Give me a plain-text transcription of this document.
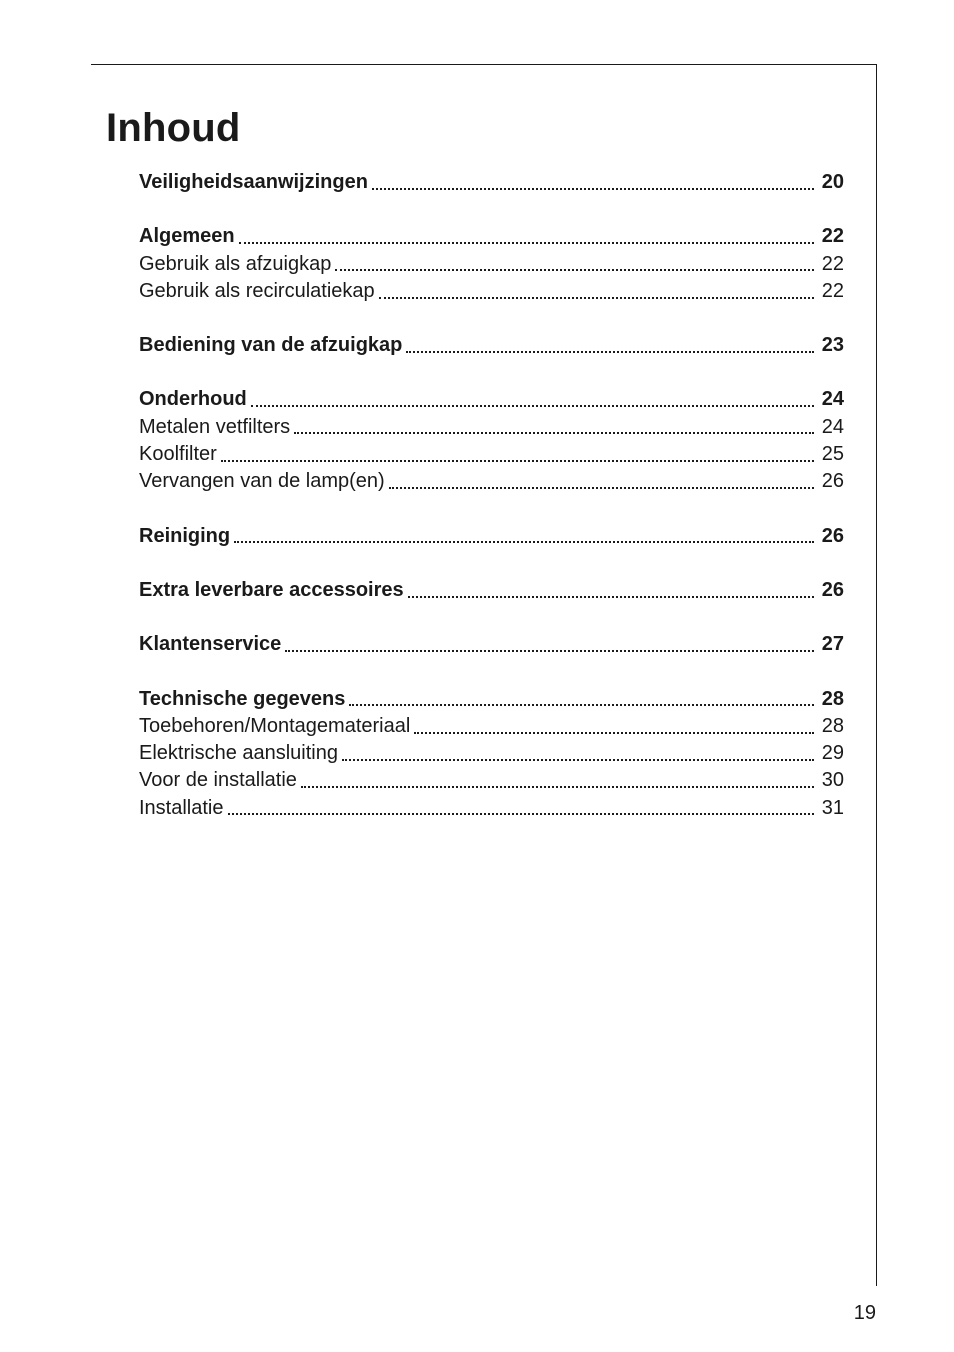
Inhoud
Veiligheidsaanwijzingen	20
Algemeen	22
Gebruik als afzuigkap	22
Gebruik als recirculatiekap	22
Bediening van de afzuigkap	23
Onderhoud	24
Metalen vetfilters	24
Koolfilter	25
Vervangen van de lamp(en)	26
Reiniging	26
Extra leverbare accessoires	26
Klantenservice	27
Technische gegevens	28
Toebehoren/Montagemateriaal	28
Elektrische aansluiting	29
Voor de installatie	30
Installatie	31
19
